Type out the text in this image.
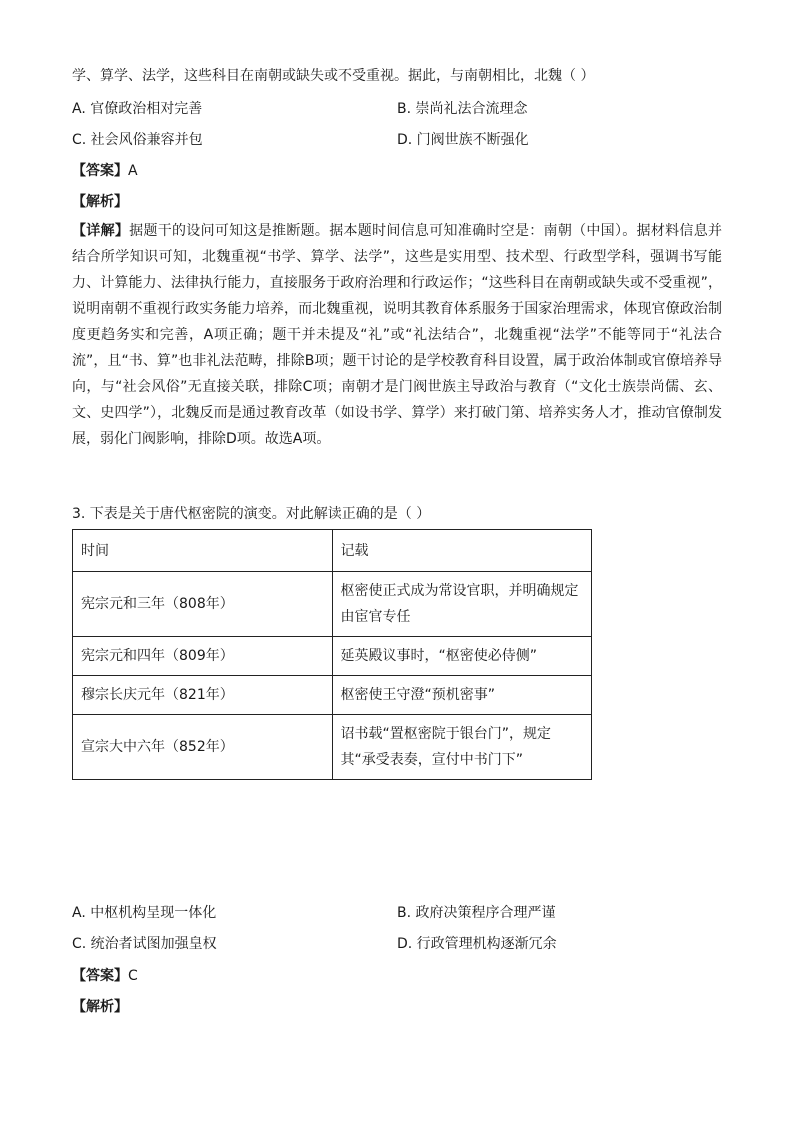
学、算学、法学，这些科目在南朝或缺失或不受重视。据此，与南朝相比，北魏（ ）
A. 官僚政治相对完善	B. 崇尚礼法合流理念
C. 社会风俗兼容并包	D. 门阀世族不断强化
【答案】A
【解析】

【详解】据题干的设问可知这是推断题。据本题时间信息可知准确时空是：南朝（中国）。据材料信息并结合所学知识可知，北魏重视“书学、算学、法学”，这些是实用型、技术型、行政型学科，强调书写能力、计算能力、法律执行能力，直接服务于政府治理和行政运作；“这些科目在南朝或缺失或不受重视”，说明南朝不重视行政实务能力培养，而北魏重视，说明其教育体系服务于国家治理需求，体现官僚政治制度更趋务实和完善，A项正确；题干并未提及“礼”或“礼法结合”，北魏重视“法学”不能等同于“礼法合流”，且“书、算”也非礼法范畴，排除B项；题干讨论的是学校教育科目设置，属于政治体制或官僚培养导向，与“社会风俗”无直接关联，排除C项；南朝才是门阀世族主导政治与教育（“文化士族崇尚儒、玄、文、史四学”），北魏反而是通过教育改革（如设书学、算学）来打破门第、培养实务人才，推动官僚制发展，弱化门阀影响，排除D项。故选A项。

3. 下表是关于唐代枢密院的演变。对此解读正确的是（ ）
时间	记载
宪宗元和三年（808年）	枢密使正式成为常设官职，并明确规定由宦官专任
宪宗元和四年（809年）	延英殿议事时，“枢密使必侍侧”
穆宗长庆元年（821年）	枢密使王守澄“预机密事”
宣宗大中六年（852年）	诏书载“置枢密院于银台门”，规定其“承受表奏，宣付中书门下”
A. 中枢机构呈现一体化	B. 政府决策程序合理严谨
C. 统治者试图加强皇权	D. 行政管理机构逐渐冗余
【答案】C
【解析】
